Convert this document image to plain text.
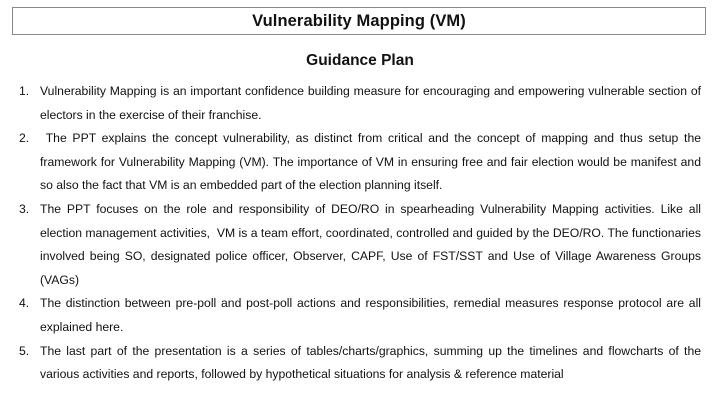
Vulnerability Mapping (VM)
Guidance Plan
1. Vulnerability Mapping is an important confidence building measure for encouraging and empowering vulnerable section of electors in the exercise of their franchise.
2. The PPT explains the concept vulnerability, as distinct from critical and the concept of mapping and thus setup the framework for Vulnerability Mapping (VM). The importance of VM in ensuring free and fair election would be manifest and so also the fact that VM is an embedded part of the election planning itself.
3. The PPT focuses on the role and responsibility of DEO/RO in spearheading Vulnerability Mapping activities. Like all election management activities,  VM is a team effort, coordinated, controlled and guided by the DEO/RO. The functionaries involved being SO, designated police officer, Observer, CAPF, Use of FST/SST and Use of Village Awareness Groups (VAGs)
4. The distinction between pre-poll and post-poll actions and responsibilities, remedial measures response protocol are all explained here.
5. The last part of the presentation is a series of tables/charts/graphics, summing up the timelines and flowcharts of the various activities and reports, followed by hypothetical situations for analysis & reference material
